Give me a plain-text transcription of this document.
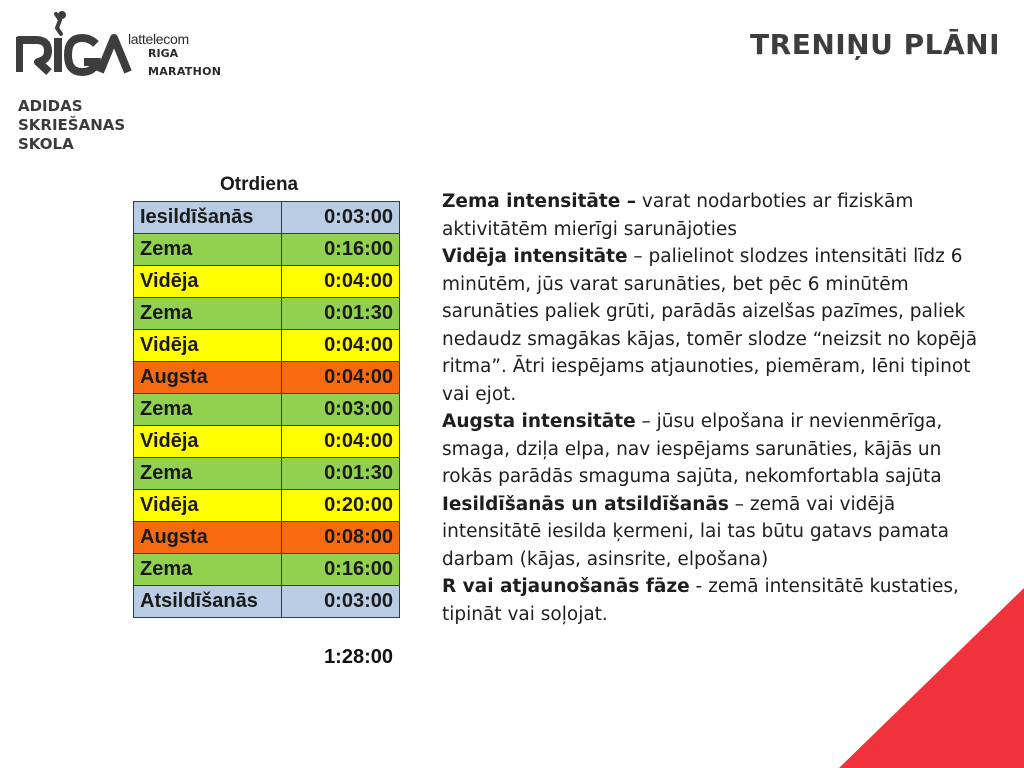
lattelecom
RIGA
MARATHON
ADIDAS
SKRIEŠANAS
SKOLA
TRENIŅU PLĀNI
Otrdiena
Iesildīšanās	0:03:00
Zema	0:16:00
Vidēja	0:04:00
Zema	0:01:30
Vidēja	0:04:00
Augsta	0:04:00
Zema	0:03:00
Vidēja	0:04:00
Zema	0:01:30
Vidēja	0:20:00
Augsta	0:08:00
Zema	0:16:00
Atsildīšanās	0:03:00
1:28:00

Zema intensitāte – varat nodarboties ar fiziskām aktivitātēm mierīgi sarunājoties

Vidēja intensitāte – palielinot slodzes intensitāti līdz 6 minūtēm, jūs varat sarunāties, bet pēc 6 minūtēm sarunāties paliek grūti, parādās aizelšas pazīmes, paliek nedaudz smagākas kājas, tomēr slodze “neizsit no kopējā ritma”. Ātri iespējams atjaunoties, piemēram, lēni tipinot vai ejot.

Augsta intensitāte – jūsu elpošana ir nevienmērīga, smaga, dziļa elpa, nav iespējams sarunāties, kājās un rokās parādās smaguma sajūta, nekomfortabla sajūta

Iesildīšanās un atsildīšanās – zemā vai vidējā intensitātē iesilda ķermeni, lai tas būtu gatavs pamata darbam (kājas, asinsrite, elpošana)

R vai atjaunošanās fāze - zemā intensitātē kustaties, tipināt vai soļojat.
